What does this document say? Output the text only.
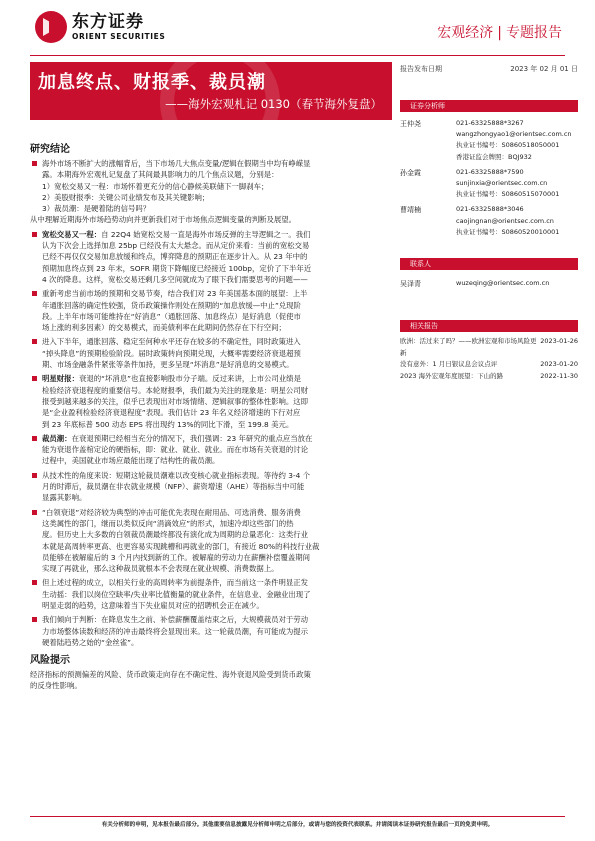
东方证券
ORIENT SECURITIES	宏观经济 | 专题报告
加息终点、财报季、裁员潮
——海外宏观札记 0130（春节海外复盘）
报告发布日期	2023 年 02 月 01 日
证券分析师
王仲尧	021-63325888*3267
wangzhongyao1@orientsec.com.cn
执业证书编号：S0860518050001
香港证监会牌照：BQJ932
孙金霞	021-63325888*7590
sunjinxia@orientsec.com.cn
执业证书编号：S0860515070001
曹靖楠	021-63325888*3046
caojingnan@orientsec.com.cn
执业证书编号：S0860520010001
联系人
吴泽青	wuzeqing@orientsec.com.cn
相关报告
欧洲：活过来了吗？——欧洲宏观和市场风险更新
2023-01-26
没有意外：1 月日银议息会议点评	2023-01-20
2023 海外宏观年度展望：下山的路	2022-11-30
研究结论
海外市场不断扩大的涨幅背后，当下市场几大焦点变量/逻辑在假期当中均有峥嵘显
露。本期海外宏观札记复盘了其间最具影响力的几个焦点议题，分别是：
1）宽松交易又一程：市场怀着更充分的信心静候美联储下一脚刹车；
2）美股财报季：关键公司业绩发布及其关键影响；
3）裁员潮：是硬着陆的信号吗？
从中理解近期海外市场趋势动向并更新我们对于市场焦点逻辑变量的判断及展望。
宽松交易又一程：自 22Q4 始宽松交易一直是海外市场反弹的主导逻辑之一。我们
认为下次会上选择加息 25bp 已经没有太大悬念。而从定价来看：当前的宽松交易
已经不再仅仅交易加息放缓和终点，博弈降息的预期正在逐步计入。从 23 年中的
预期加息终点到 23 年末，SOFR 期货下降幅度已经接近 100bp，定价了下半年近
4 次的降息。这样，宽松交易还剩几多空间就成为了眼下我们需要思考的问题——
重新考虑当前市场的预期和交易节奏，结合我们对 23 年美国基本面的展望：上半
年通胀回落的确定性较强，货币政策操作则处在预期的“加息放缓—中止”兑现阶
段。上半年市场可能维持在“好消息”（通胀回落、加息终点）是好消息（促使市
场上涨的利多因素）的交易模式，而美债利率在此期间仍然存在下行空间；
进入下半年，通胀回落、稳定至何种水平还存在较多的不确定性，同时政策进入
“掉头降息”的预期检验阶段。届时政策转向预期兑现，大概率需要经济衰退超预
期、市场金融条件紧张等条件加持，更多呈现“坏消息”是好消息的交易模式。
明星财报：衰退的“坏消息”也直接影响股市分子端。反过来讲，上市公司业绩是
检验经济衰退程度的重要信号。本轮财报季，我们最为关注的现象是：明星公司财
报受到越来越多的关注，似乎已表现出对市场情绪、逻辑叙事的整体性影响。这即
是“企业盈利检验经济衰退程度”表现。我们估计 23 年名义经济增速的下行对应
到 23 年底标普 500 动态 EPS 将出现约 13%的同比下滑，至 199.8 美元。
裁员潮：在衰退预期已经相当充分的情况下，我们强调：23 年研究的重点应当放在
能为衰退作盖棺定论的硬指标，即：就业、就业、就业。而在市场有关衰退的讨论
过程中，美国就业市场应最能出现了结构性的裁员潮。
从技术性的角度来说：短期这轮裁员潮难以改变核心就业指标表现。等待约 3-4 个
月的时滞后，裁员潮在非农就业规模（NFP）、薪资增速（AHE）等指标当中可能
显露其影响。
“白领衰退”对经济较为典型的冲击可能优先表现在耐用品、可选消费、服务消费
这类属性的部门，继而以类似反向“涓滴效应”的形式，加速冷却这些部门的热
度。但历史上大多数的白领裁员潮最终都没有演化成为周期的总量恶化：这类行业
本就是高周转率更高、也更容易实现跳槽和再就业的部门，有接近 80%的科技行业裁
员能够在被解雇后的 3 个月内找到新的工作。被解雇的劳动力在薪酬补偿覆盖期间
实现了再就业，那么这种裁员就根本不会表现在就业规模、消费数据上。
但上述过程的成立，以相关行业的高周转率为前提条件，而当前这一条件明显正发
生动摇：我们以岗位空缺率/失业率比值衡量的就业条件，在信息业、金融业出现了
明显走弱的趋势，这意味着当下失业雇员对应的招聘机会正在减少。
我们倾向于判断：在降息发生之前、补偿薪酬覆盖结束之后，大规模裁员对于劳动
力市场整体读数和经济的冲击最终将会显现出来。这一轮裁员潮，有可能成为提示
硬着陆趋势之始的“金丝雀”。
风险提示
经济指标的预测偏差的风险、货币政策走向存在不确定性、海外衰退风险受到货币政策
的反身性影响。
有关分析师的申明，见本报告最后部分。其他重要信息披露见分析师申明之后部分，或请与您的投资代表联系。并请阅读本证券研究报告最后一页的免责申明。
